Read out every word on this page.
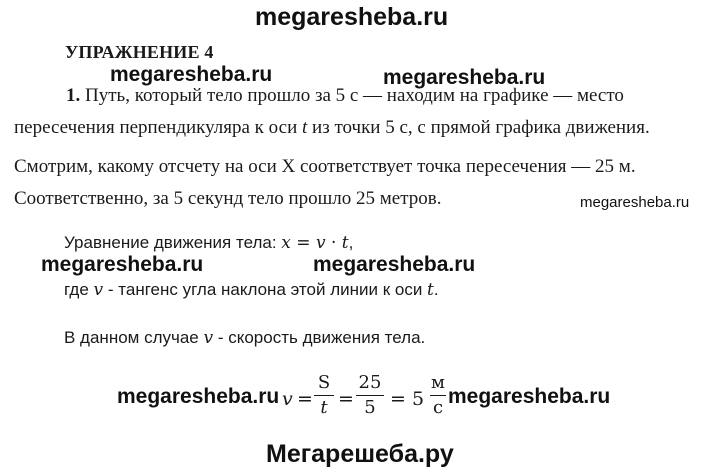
megaresheba.ru
megaresheba.ru	megaresheba.ru
megaresheba.ru
megaresheba.ru	megaresheba.ru
megaresheba.ru	megaresheba.ru
Мегарешеба.ру
УПРАЖНЕНИЕ 4
1. Путь, который тело прошло за 5 с — находим на графике — место
пересечения перпендикуляра к оси t из точки 5 с, с прямой графика движения.
Смотрим, какому отсчету на оси X соответствует точка пересечения — 25 м.
Соответственно, за 5 секунд тело прошло 25 метров.
Уравнение движения тела: x = v · t,
где v - тангенс угла наклона этой линии к оси t.
В данном случае v - скорость движения тела.
v =
S
t =
25
5 = 5
м
с
